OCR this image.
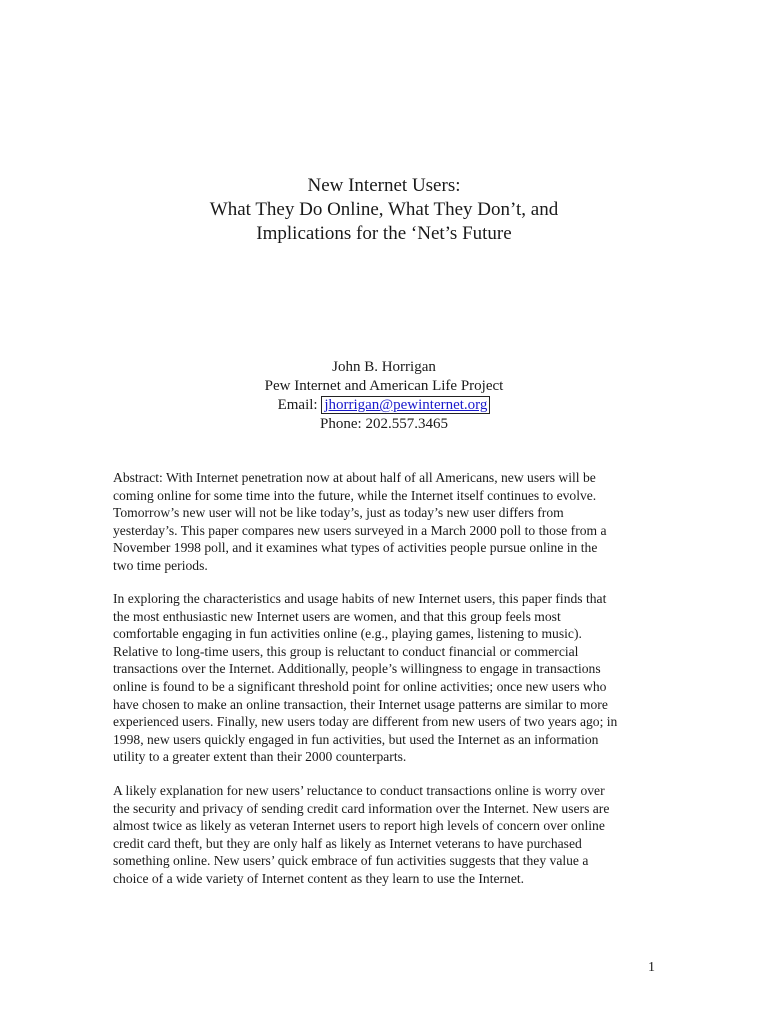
New Internet Users:
What They Do Online, What They Don’t, and
Implications for the ‘Net’s Future
John B. Horrigan
Pew Internet and American Life Project
Email: jhorrigan@pewinternet.org
Phone: 202.557.3465
Abstract: With Internet penetration now at about half of all Americans, new users will be
coming online for some time into the future, while the Internet itself continues to evolve.
Tomorrow’s new user will not be like today’s, just as today’s new user differs from
yesterday’s. This paper compares new users surveyed in a March 2000 poll to those from a
November 1998 poll, and it examines what types of activities people pursue online in the
two time periods.
In exploring the characteristics and usage habits of new Internet users, this paper finds that
the most enthusiastic new Internet users are women, and that this group feels most
comfortable engaging in fun activities online (e.g., playing games, listening to music).
Relative to long-time users, this group is reluctant to conduct financial or commercial
transactions over the Internet. Additionally, people’s willingness to engage in transactions
online is found to be a significant threshold point for online activities; once new users who
have chosen to make an online transaction, their Internet usage patterns are similar to more
experienced users. Finally, new users today are different from new users of two years ago; in
1998, new users quickly engaged in fun activities, but used the Internet as an information
utility to a greater extent than their 2000 counterparts.
A likely explanation for new users’ reluctance to conduct transactions online is worry over
the security and privacy of sending credit card information over the Internet. New users are
almost twice as likely as veteran Internet users to report high levels of concern over online
credit card theft, but they are only half as likely as Internet veterans to have purchased
something online. New users’ quick embrace of fun activities suggests that they value a
choice of a wide variety of Internet content as they learn to use the Internet.
1
